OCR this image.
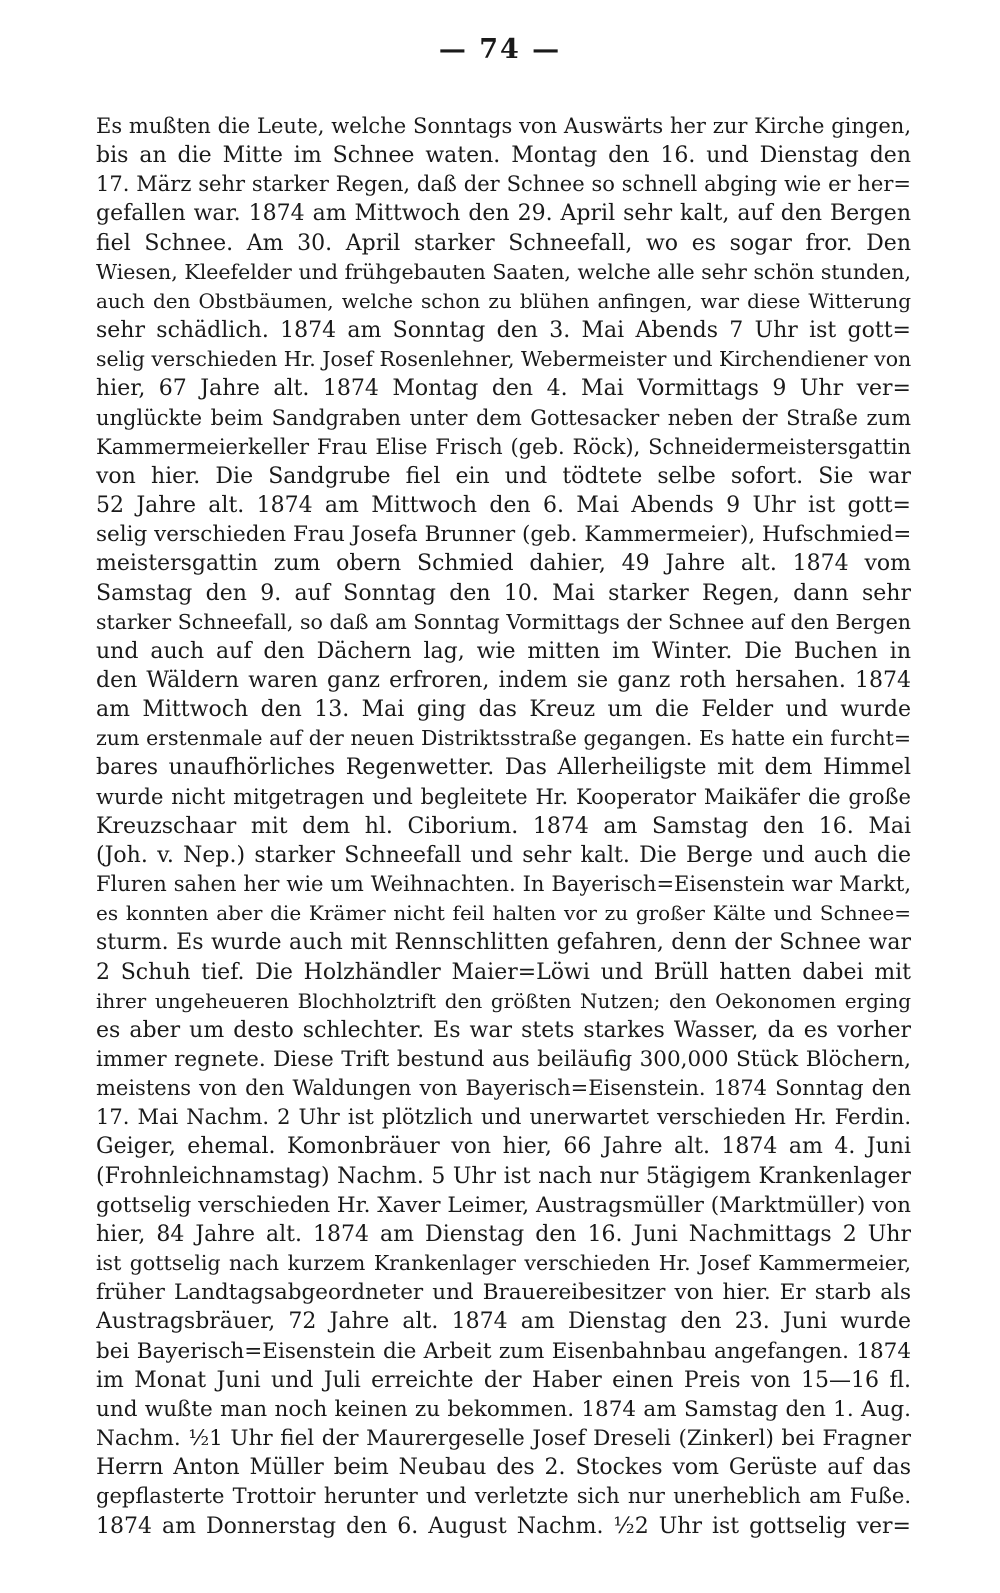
— 74 —
Es mußten die Leute, welche Sonntags von Auswärts her zur Kirche gingen,
bis an die Mitte im Schnee waten. Montag den 16. und Dienstag den
17. März sehr starker Regen, daß der Schnee so schnell abging wie er her=
gefallen war. 1874 am Mittwoch den 29. April sehr kalt, auf den Bergen
fiel Schnee. Am 30. April starker Schneefall, wo es sogar fror. Den
Wiesen, Kleefelder und frühgebauten Saaten, welche alle sehr schön stunden,
auch den Obstbäumen, welche schon zu blühen anfingen, war diese Witterung
sehr schädlich. 1874 am Sonntag den 3. Mai Abends 7 Uhr ist gott=
selig verschieden Hr. Josef Rosenlehner, Webermeister und Kirchendiener von
hier, 67 Jahre alt. 1874 Montag den 4. Mai Vormittags 9 Uhr ver=
unglückte beim Sandgraben unter dem Gottesacker neben der Straße zum
Kammermeierkeller Frau Elise Frisch (geb. Röck), Schneidermeistersgattin
von hier. Die Sandgrube fiel ein und tödtete selbe sofort. Sie war
52 Jahre alt. 1874 am Mittwoch den 6. Mai Abends 9 Uhr ist gott=
selig verschieden Frau Josefa Brunner (geb. Kammermeier), Hufschmied=
meistersgattin zum obern Schmied dahier, 49 Jahre alt. 1874 vom
Samstag den 9. auf Sonntag den 10. Mai starker Regen, dann sehr
starker Schneefall, so daß am Sonntag Vormittags der Schnee auf den Bergen
und auch auf den Dächern lag, wie mitten im Winter. Die Buchen in
den Wäldern waren ganz erfroren, indem sie ganz roth hersahen. 1874
am Mittwoch den 13. Mai ging das Kreuz um die Felder und wurde
zum erstenmale auf der neuen Distriktsstraße gegangen. Es hatte ein furcht=
bares unaufhörliches Regenwetter. Das Allerheiligste mit dem Himmel
wurde nicht mitgetragen und begleitete Hr. Kooperator Maikäfer die große
Kreuzschaar mit dem hl. Ciborium. 1874 am Samstag den 16. Mai
(Joh. v. Nep.) starker Schneefall und sehr kalt. Die Berge und auch die
Fluren sahen her wie um Weihnachten. In Bayerisch=Eisenstein war Markt,
es konnten aber die Krämer nicht feil halten vor zu großer Kälte und Schnee=
sturm. Es wurde auch mit Rennschlitten gefahren, denn der Schnee war
2 Schuh tief. Die Holzhändler Maier=Löwi und Brüll hatten dabei mit
ihrer ungeheueren Blochholztrift den größten Nutzen; den Oekonomen erging
es aber um desto schlechter. Es war stets starkes Wasser, da es vorher
immer regnete. Diese Trift bestund aus beiläufig 300,000 Stück Blöchern,
meistens von den Waldungen von Bayerisch=Eisenstein. 1874 Sonntag den
17. Mai Nachm. 2 Uhr ist plötzlich und unerwartet verschieden Hr. Ferdin.
Geiger, ehemal. Komonbräuer von hier, 66 Jahre alt. 1874 am 4. Juni
(Frohnleichnamstag) Nachm. 5 Uhr ist nach nur 5tägigem Krankenlager
gottselig verschieden Hr. Xaver Leimer, Austragsmüller (Marktmüller) von
hier, 84 Jahre alt. 1874 am Dienstag den 16. Juni Nachmittags 2 Uhr
ist gottselig nach kurzem Krankenlager verschieden Hr. Josef Kammermeier,
früher Landtagsabgeordneter und Brauereibesitzer von hier. Er starb als
Austragsbräuer, 72 Jahre alt. 1874 am Dienstag den 23. Juni wurde
bei Bayerisch=Eisenstein die Arbeit zum Eisenbahnbau angefangen. 1874
im Monat Juni und Juli erreichte der Haber einen Preis von 15—16 fl.
und wußte man noch keinen zu bekommen. 1874 am Samstag den 1. Aug.
Nachm. ½1 Uhr fiel der Maurergeselle Josef Dreseli (Zinkerl) bei Fragner
Herrn Anton Müller beim Neubau des 2. Stockes vom Gerüste auf das
gepflasterte Trottoir herunter und verletzte sich nur unerheblich am Fuße.
1874 am Donnerstag den 6. August Nachm. ½2 Uhr ist gottselig ver=
